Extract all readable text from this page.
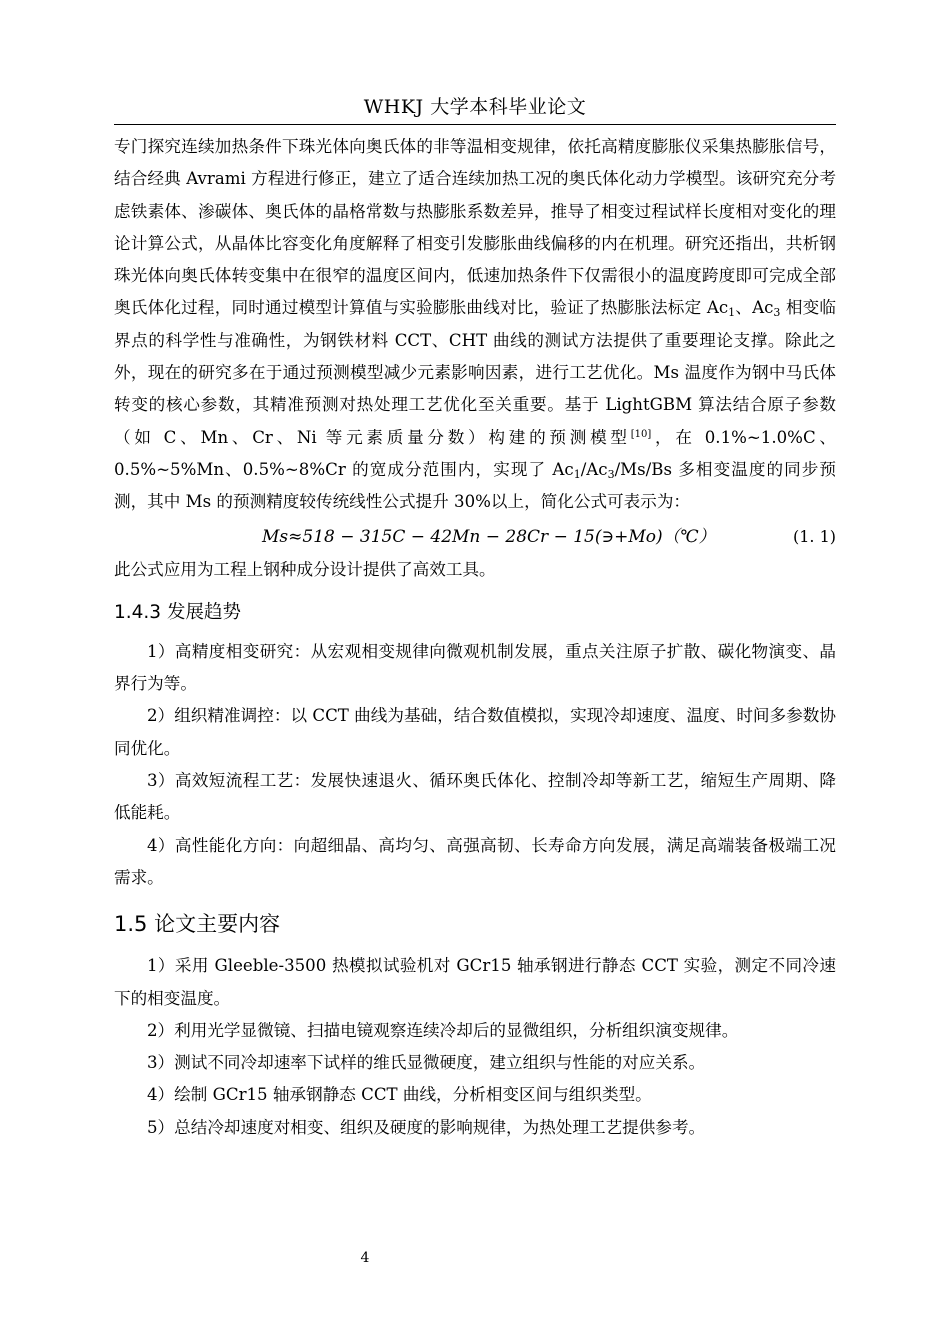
WHKJ 大学本科毕业论文

专门探究连续加热条件下珠光体向奥氏体的非等温相变规律，依托高精度膨胀仪采集热膨胀信号，结合经典 Avrami 方程进行修正，建立了适合连续加热工况的奥氏体化动力学模型。该研究充分考虑铁素体、渗碳体、奥氏体的晶格常数与热膨胀系数差异，推导了相变过程试样长度相对变化的理论计算公式，从晶体比容变化角度解释了相变引发膨胀曲线偏移的内在机理。研究还指出，共析钢珠光体向奥氏体转变集中在很窄的温度区间内，低速加热条件下仅需很小的温度跨度即可完成全部奥氏体化过程，同时通过模型计算值与实验膨胀曲线对比，验证了热膨胀法标定 $Ac_1$、$Ac_3$ 相变临界点的科学性与准确性，为钢铁材料 CCT、CHT 曲线的测试方法提供了重要理论支撑。除此之外，现在的研究多在于通过预测模型减少元素影响因素，进行工艺优化。Ms 温度作为钢中马氏体转变的核心参数，其精准预测对热处理工艺优化至关重要。基于 LightGBM 算法结合原子参数（如 C、Mn、Cr、Ni 等元素质量分数）构建的预测模型[10]，在 0.1%~1.0%C、0.5%~5%Mn、0.5%~8%Cr 的宽成分范围内，实现了 $Ac_1/Ac_3/Ms/Bs$ 多相变温度的同步预测，其中 Ms 的预测精度较传统线性公式提升 30%以上，简化公式可表示为：

Ms≈518 − 315C − 42Mn − 28Cr − 15(∋+Mo)（℃）	(1. 1)

此公式应用为工程上钢种成分设计提供了高效工具。

1.4.3 发展趋势

1）高精度相变研究：从宏观相变规律向微观机制发展，重点关注原子扩散、碳化物演变、晶界行为等。

2）组织精准调控：以 CCT 曲线为基础，结合数值模拟，实现冷却速度、温度、时间多参数协同优化。

3）高效短流程工艺：发展快速退火、循环奥氏体化、控制冷却等新工艺，缩短生产周期、降低能耗。

4）高性能化方向：向超细晶、高均匀、高强高韧、长寿命方向发展，满足高端装备极端工况需求。

1.5 论文主要内容

1）采用 Gleeble-3500 热模拟试验机对 GCr15 轴承钢进行静态 CCT 实验，测定不同冷速下的相变温度。

2）利用光学显微镜、扫描电镜观察连续冷却后的显微组织，分析组织演变规律。

3）测试不同冷却速率下试样的维氏显微硬度，建立组织与性能的对应关系。

4）绘制 GCr15 轴承钢静态 CCT 曲线，分析相变区间与组织类型。

5）总结冷却速度对相变、组织及硬度的影响规律，为热处理工艺提供参考。

4
